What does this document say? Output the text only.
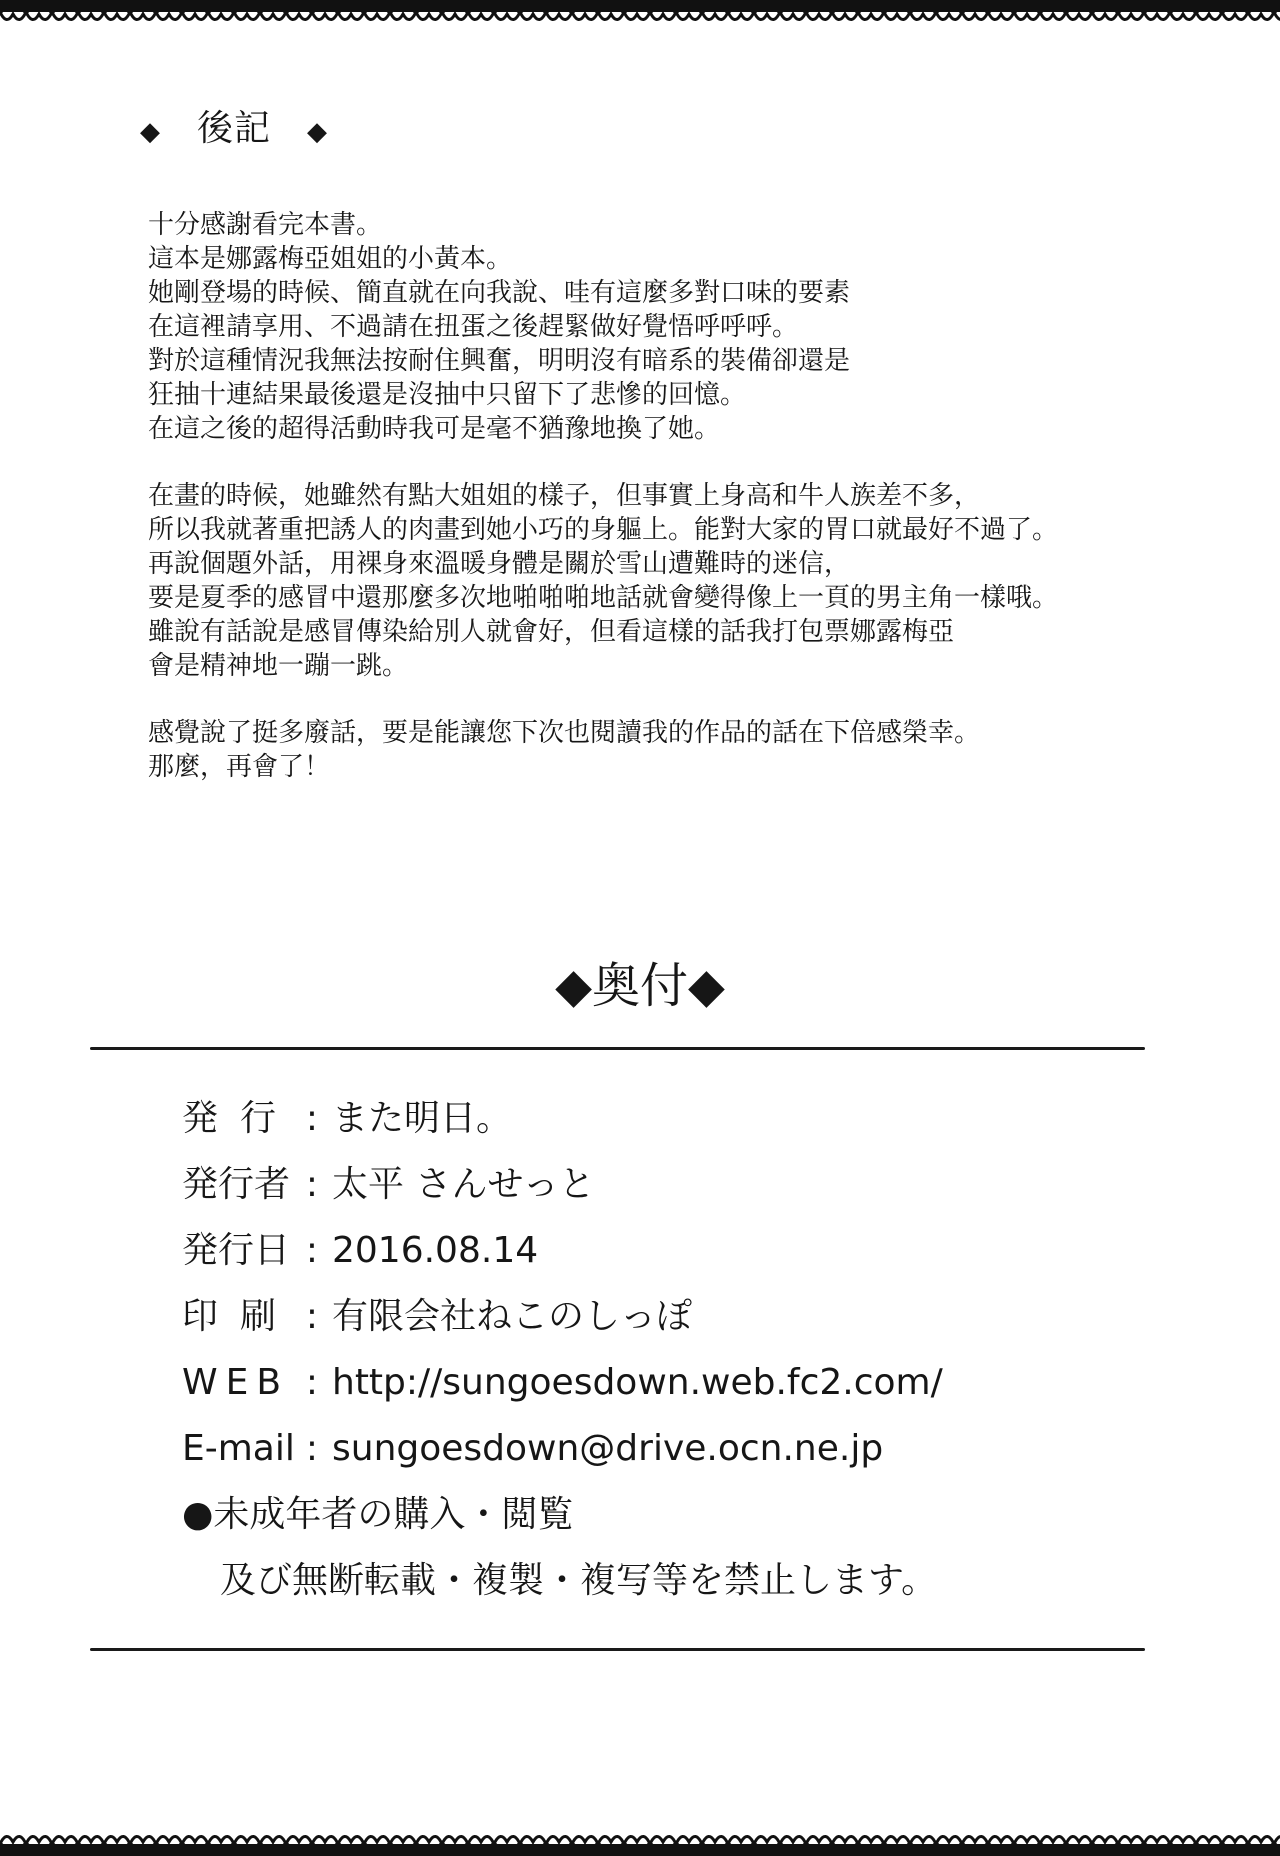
◆ 後記 ◆
十分感謝看完本書。
這本是娜露梅亞姐姐的小黃本。
她剛登場的時候、簡直就在向我說、哇有這麼多對口味的要素
在這裡請享用、不過請在扭蛋之後趕緊做好覺悟呼呼呼。
對於這種情況我無法按耐住興奮，明明沒有暗系的裝備卻還是
狂抽十連結果最後還是沒抽中只留下了悲慘的回憶。
在這之後的超得活動時我可是毫不猶豫地換了她。
在畫的時候，她雖然有點大姐姐的樣子，但事實上身高和牛人族差不多，
所以我就著重把誘人的肉畫到她小巧的身軀上。能對大家的胃口就最好不過了。
再說個題外話，用裸身來溫暖身體是關於雪山遭難時的迷信，
要是夏季的感冒中還那麼多次地啪啪啪地話就會變得像上一頁的男主角一樣哦。
雖說有話說是感冒傳染給別人就會好，但看這樣的話我打包票娜露梅亞
會是精神地一蹦一跳。
感覺說了挺多廢話，要是能讓您下次也閱讀我的作品的話在下倍感榮幸。
那麼，再會了！
◆奥付◆
発行 : また明日。
発行者 : 太平 さんせっと
発行日 : 2016.08.14
印刷 : 有限会社ねこのしっぽ
WEB : http://sungoesdown.web.fc2.com/
E-mail : sungoesdown@drive.ocn.ne.jp
●未成年者の購入・閲覧
及び無断転載・複製・複写等を禁止します。
